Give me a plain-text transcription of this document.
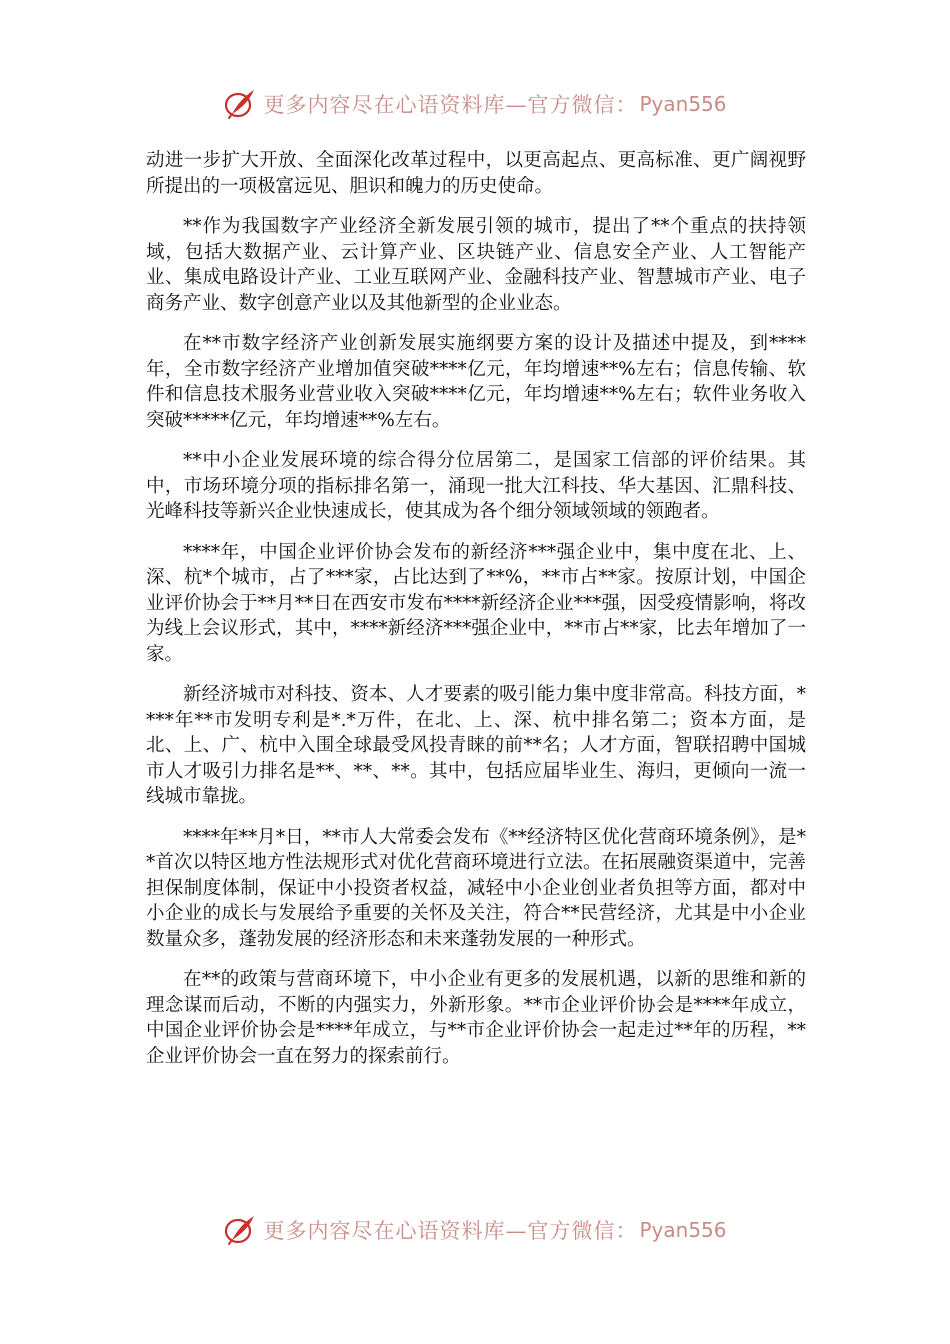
更多内容尽在心语资料库—官方微信： Pyan556

动进一步扩大开放、全面深化改革过程中，以更高起点、更高标准、更广阔视野所提出的一项极富远见、胆识和魄力的历史使命。

**作为我国数字产业经济全新发展引领的城市，提出了**个重点的扶持领域，包括大数据产业、云计算产业、区块链产业、信息安全产业、人工智能产业、集成电路设计产业、工业互联网产业、金融科技产业、智慧城市产业、电子商务产业、数字创意产业以及其他新型的企业业态。

在**市数字经济产业创新发展实施纲要方案的设计及描述中提及，到****年，全市数字经济产业增加值突破****亿元，年均增速**%左右；信息传输、软件和信息技术服务业营业收入突破****亿元，年均增速**%左右；软件业务收入突破*****亿元，年均增速**%左右。

**中小企业发展环境的综合得分位居第二，是国家工信部的评价结果。其中，市场环境分项的指标排名第一，涌现一批大江科技、华大基因、汇鼎科技、光峰科技等新兴企业快速成长，使其成为各个细分领域领域的领跑者。

****年，中国企业评价协会发布的新经济***强企业中，集中度在北、上、深、杭*个城市，占了***家，占比达到了**%，**市占**家。按原计划，中国企业评价协会于**月**日在西安市发布****新经济企业***强，因受疫情影响，将改为线上会议形式，其中，****新经济***强企业中，**市占**家，比去年增加了一家。

新经济城市对科技、资本、人才要素的吸引能力集中度非常高。科技方面，****年**市发明专利是*.*万件，在北、上、深、杭中排名第二；资本方面，是北、上、广、杭中入围全球最受风投青睐的前**名；人才方面，智联招聘中国城市人才吸引力排名是**、**、**。其中，包括应届毕业生、海归，更倾向一流一线城市靠拢。

****年**月*日，**市人大常委会发布《**经济特区优化营商环境条例》，是**首次以特区地方性法规形式对优化营商环境进行立法。在拓展融资渠道中，完善担保制度体制，保证中小投资者权益，减轻中小企业创业者负担等方面，都对中小企业的成长与发展给予重要的关怀及关注，符合**民营经济，尤其是中小企业数量众多，蓬勃发展的经济形态和未来蓬勃发展的一种形式。

在**的政策与营商环境下，中小企业有更多的发展机遇，以新的思维和新的理念谋而后动，不断的内强实力，外新形象。**市企业评价协会是****年成立，中国企业评价协会是****年成立，与**市企业评价协会一起走过**年的历程，**企业评价协会一直在努力的探索前行。

更多内容尽在心语资料库—官方微信： Pyan556
